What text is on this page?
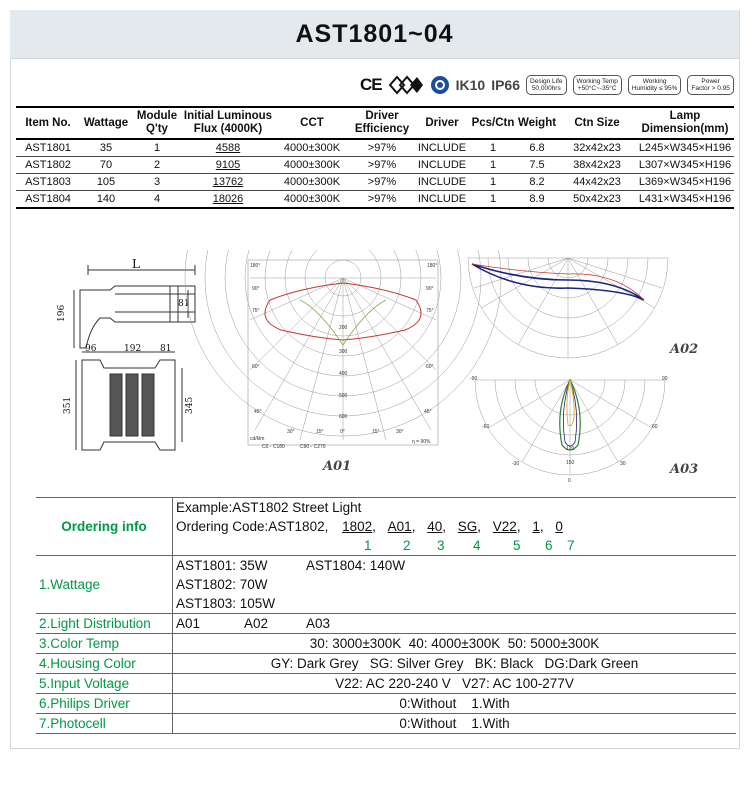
AST1801~04
CE	IK10 IP66	Design Life
50,000hrs
Working Temp
+50°C~-35°C
Working
Humidity ≤ 95%
Power
Factor > 0.95
Item No.	Wattage	Module Q'ty	Initial Luminous Flux (4000K)	CCT	Driver Efficiency	Driver	Pcs/Ctn	Weight	Ctn Size	Lamp Dimension(mm)
AST1801	35	1	4588	4000±300K	>97%	INCLUDE	1	6.8	32x42x23	L245×W345×H196
AST1802	70	2	9105	4000±300K	>97%	INCLUDE	1	7.5	38x42x23	L307×W345×H196
AST1803	105	3	13762	4000±300K	>97%	INCLUDE	1	8.2	44x42x23	L369×W345×H196
AST1804	140	4	18026	4000±300K	>97%	INCLUDE	1	8.9	50x42x23	L431×W345×H196
L
196
81
96	192 81
351	345
180°	180°
90°	90°
75°	75°
60°	60°
45°	45°
30°	15°	0°	15°	30°
200
300
400
500
600
cd/klm
C0 - C180	C90 - C270
η = 90%
A01
A02
-90	90
-60	60
-30	30
0
120
150	A03
Ordering info	Example:AST1802 Street Light
	Ordering Code:AST1802, 1802, A01, 40, SG, V22, 1, 0
	1 2 3 4 5 6 7
1.Wattage	AST1801: 35W AST1804: 140W
	AST1802: 70W
	AST1803: 105W
2.Light Distribution	A01 A02 A03
3.Color Temp	30: 3000±300K  40: 4000±300K  50: 5000±300K
4.Housing Color	GY: Dark Grey   SG: Silver Grey   BK: Black   DG:Dark Green
5.Input Voltage	V22: AC 220-240 V   V27: AC 100-277V
6.Philips Driver	0:Without    1.With
7.Photocell	0:Without    1.With
